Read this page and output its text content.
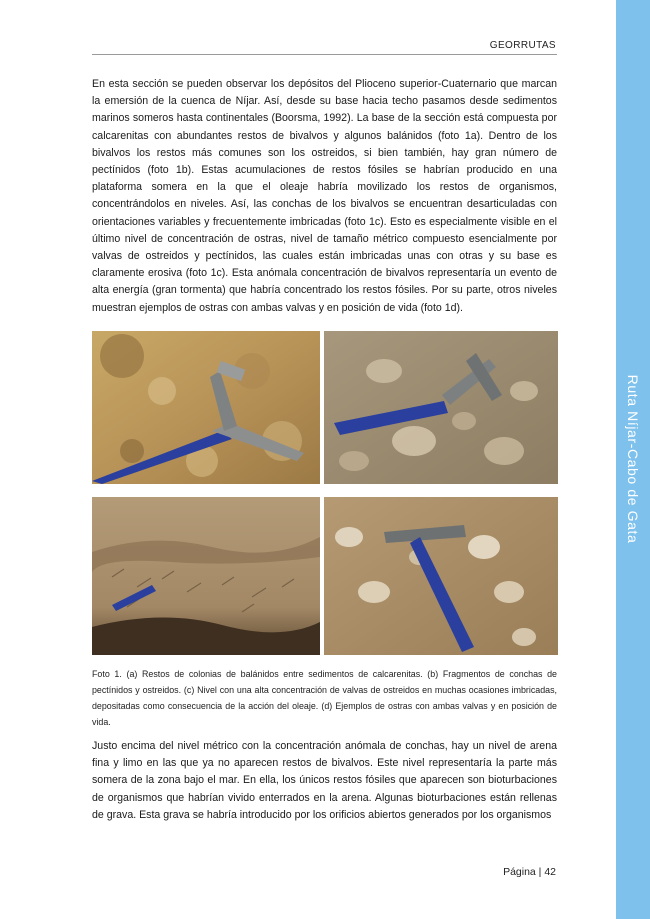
Ruta Níjar-Cabo de Gata
GEORRUTAS

En esta sección se pueden observar los depósitos del Plioceno superior-Cuaternario que marcan la emersión de la cuenca de Níjar. Así, desde su base hacia techo pasamos desde sedimentos marinos someros hasta continentales (Boorsma, 1992). La base de la sección está compuesta por calcarenitas con abundantes restos de bivalvos y algunos balánidos (foto 1a). Dentro de los bivalvos los restos más comunes son los ostreidos, si bien también, hay gran número de pectínidos (foto 1b). Estas acumulaciones de restos fósiles se habrían producido en una plataforma somera en la que el oleaje habría movilizado los restos de organismos, concentrándolos en niveles. Así, las conchas de los bivalvos se encuentran desarticuladas con orientaciones variables y frecuentemente imbricadas (foto 1c). Esto es especialmente visible en el último nivel de concentración de ostras, nivel de tamaño métrico compuesto esencialmente por valvas de ostreidos y pectínidos, las cuales están imbricadas unas con otras y su base es claramente erosiva (foto 1c). Esta anómala concentración de bivalvos representaría un evento de alta energía (gran tormenta) que habría concentrado los restos fósiles. Por su parte, otros niveles muestran ejemplos de ostras con ambas valvas y en posición de vida (foto 1d).

Foto 1. (a) Restos de colonias de balánidos entre sedimentos de calcarenitas. (b) Fragmentos de conchas de pectínidos y ostreidos. (c) Nivel con una alta concentración de valvas de ostreidos en muchas ocasiones imbricadas, depositadas como consecuencia de la acción del oleaje. (d) Ejemplos de ostras con ambas valvas y en posición de vida.

Justo encima del nivel métrico con la concentración anómala de conchas, hay un nivel de arena fina y limo en las que ya no aparecen restos de bivalvos. Este nivel representaría la parte más somera de la zona bajo el mar. En ella, los únicos restos fósiles que aparecen son bioturbaciones de organismos que habrían vivido enterrados en la arena. Algunas bioturbaciones están rellenas de grava. Esta grava se habría introducido por los orificios abiertos generados por los organismos

Página | 42
